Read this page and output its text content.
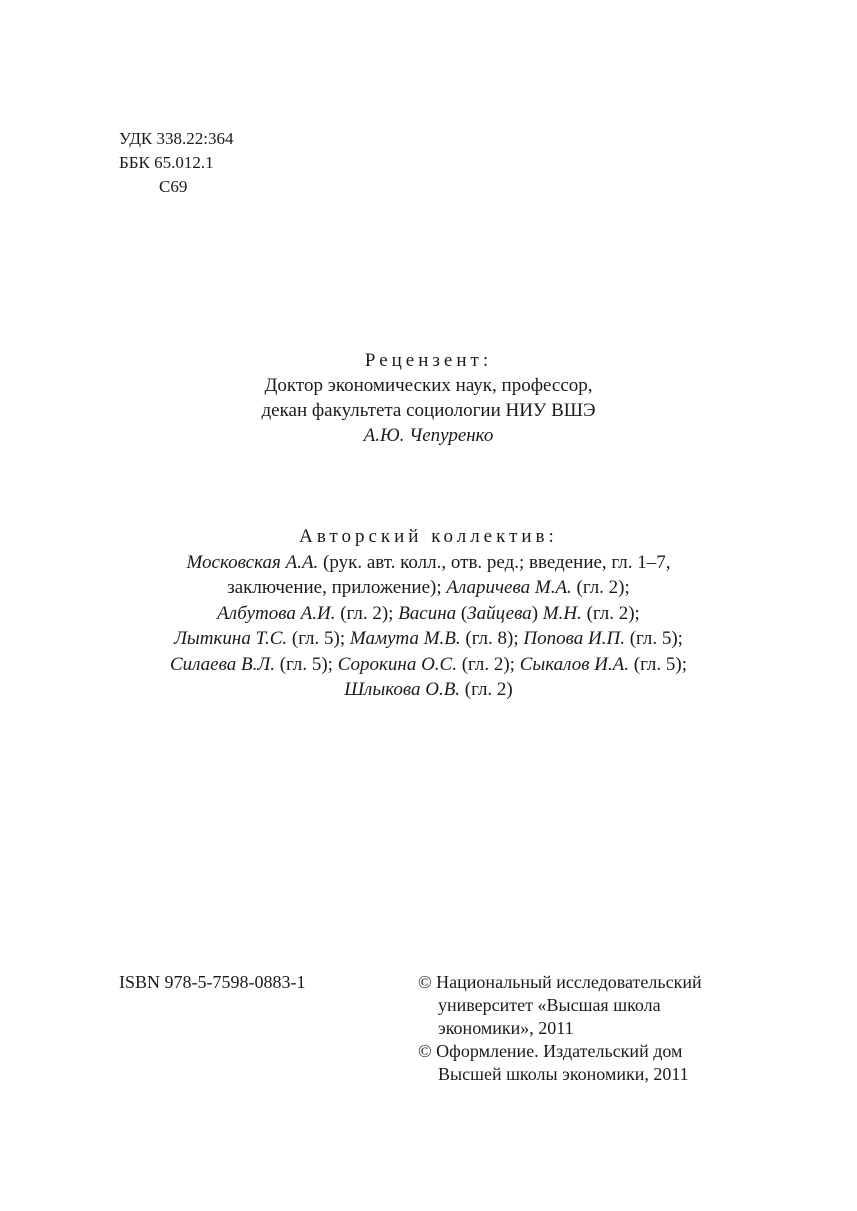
УДК 338.22:364
ББК 65.012.1
С69
Рецензент:
Доктор экономических наук, профессор,
декан факультета социологии НИУ ВШЭ
А.Ю. Чепуренко
Авторский коллектив:
Московская А.А. (рук. авт. колл., отв. ред.; введение, гл. 1–7,
заключение, приложение); Аларичева М.А. (гл. 2);
Албутова А.И. (гл. 2); Васина (Зайцева) М.Н. (гл. 2);
Лыткина Т.С. (гл. 5); Мамута М.В. (гл. 8); Попова И.П. (гл. 5);
Силаева В.Л. (гл. 5); Сорокина О.С. (гл. 2); Сыкалов И.А. (гл. 5);
Шлыкова О.В. (гл. 2)
ISBN 978-5-7598-0883-1	© Национальный исследовательский
университет «Высшая школа
экономики», 2011
© Оформление. Издательский дом
Высшей школы экономики, 2011
